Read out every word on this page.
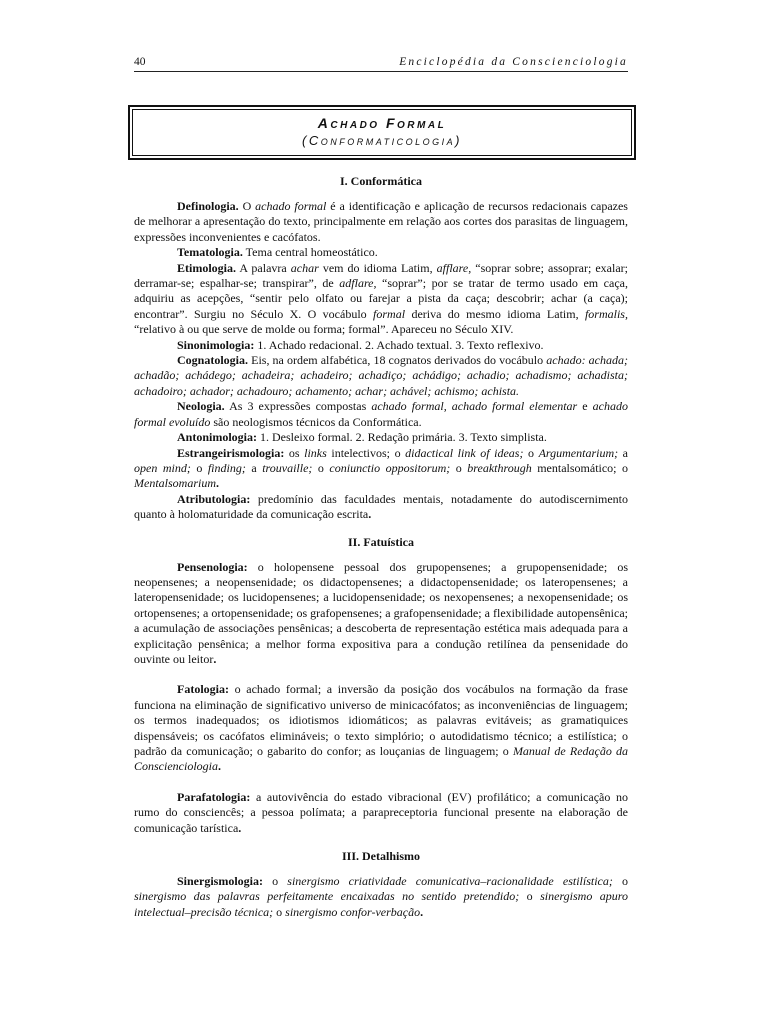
40	Enciclopédia da Conscienciologia
Achado Formal
(Conformaticologia)
I. Conformática

Definologia. O achado formal é a identificação e aplicação de recursos redacionais capazes de melhorar a apresentação do texto, principalmente em relação aos cortes dos parasitas de linguagem, expressões inconvenientes e cacófatos.

Tematologia. Tema central homeostático.

Etimologia. A palavra achar vem do idioma Latim, afflare, “soprar sobre; assoprar; exalar; derramar-se; espalhar-se; transpirar”, de adflare, “soprar”; por se tratar de termo usado em caça, adquiriu as acepções, “sentir pelo olfato ou farejar a pista da caça; descobrir; achar (a caça); encontrar”. Surgiu no Século X. O vocábulo formal deriva do mesmo idioma Latim, formalis, “relativo à ou que serve de molde ou forma; formal”. Apareceu no Século XIV.

Sinonimologia: 1. Achado redacional. 2. Achado textual. 3. Texto reflexivo.

Cognatologia. Eis, na ordem alfabética, 18 cognatos derivados do vocábulo achado: achada; achadão; achádego; achadeira; achadeiro; achadiço; achádigo; achadio; achadismo; achadista; achadoiro; achador; achadouro; achamento; achar; achável; achismo; achista.

Neologia. As 3 expressões compostas achado formal, achado formal elementar e achado formal evoluído são neologismos técnicos da Conformática.

Antonimologia: 1. Desleixo formal. 2. Redação primária. 3. Texto simplista.

Estrangeirismologia: os links intelectivos; o didactical link of ideas; o Argumentarium; a open mind; o finding; a trouvaille; o coniunctio oppositorum; o breakthrough mentalsomático; o Mentalsomarium.

Atributologia: predomínio das faculdades mentais, notadamente do autodiscernimento quanto à holomaturidade da comunicação escrita.

II. Fatuística

Pensenologia: o holopensene pessoal dos grupopensenes; a grupopensenidade; os neopensenes; a neopensenidade; os didactopensenes; a didactopensenidade; os lateropensenes; a lateropensenidade; os lucidopensenes; a lucidopensenidade; os nexopensenes; a nexopensenidade; os ortopensenes; a ortopensenidade; os grafopensenes; a grafopensenidade; a flexibilidade autopensênica; a acumulação de associações pensênicas; a descoberta de representação estética mais adequada para a explicitação pensênica; a melhor forma expositiva para a condução retilínea da pensenidade do ouvinte ou leitor.

Fatologia: o achado formal; a inversão da posição dos vocábulos na formação da frase funciona na eliminação de significativo universo de minicacófatos; as inconveniências de linguagem; os termos inadequados; os idiotismos idiomáticos; as palavras evitáveis; as gramatiquices dispensáveis; os cacófatos elimináveis; o texto simplório; o autodidatismo técnico; a estilística; o padrão da comunicação; o gabarito do confor; as louçanias de linguagem; o Manual de Redação da Conscienciologia.

Parafatologia: a autovivência do estado vibracional (EV) profilático; a comunicação no rumo do consciencês; a pessoa polímata; a parapreceptoria funcional presente na elaboração de comunicação tarística.

III. Detalhismo

Sinergismologia: o sinergismo criatividade comunicativa–racionalidade estilística; o sinergismo das palavras perfeitamente encaixadas no sentido pretendido; o sinergismo apuro intelectual–precisão técnica; o sinergismo confor-verbação.
